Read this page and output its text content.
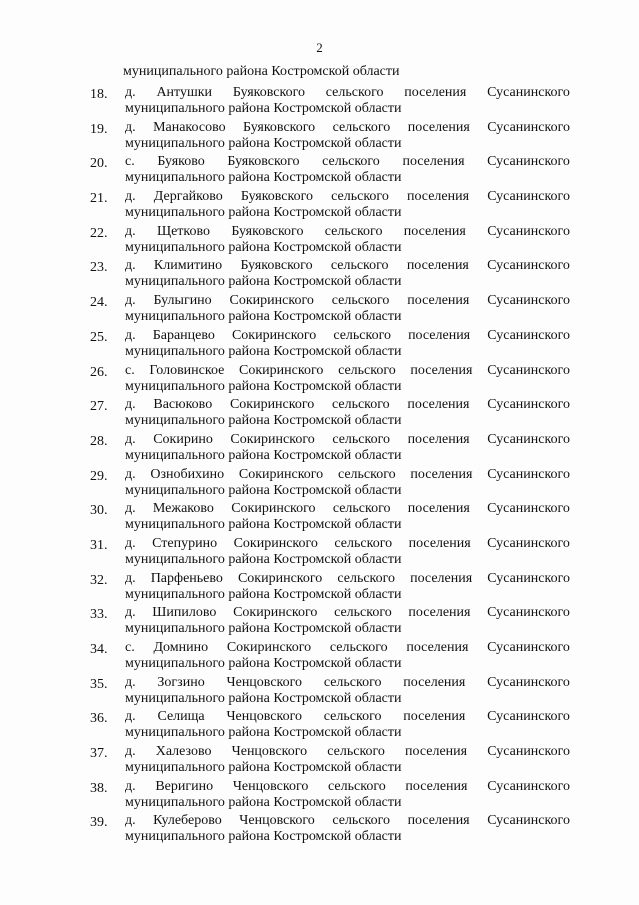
2
муниципального района Костромской области
18. д. Антушки Буяковского сельского поселения Сусанинского
муниципального района Костромской области
19. д. Манакосово Буяковского сельского поселения Сусанинского
муниципального района Костромской области
20. с. Буяково Буяковского сельского поселения Сусанинского
муниципального района Костромской области
21. д. Дергайково Буяковского сельского поселения Сусанинского
муниципального района Костромской области
22. д. Щетково Буяковского сельского поселения Сусанинского
муниципального района Костромской области
23. д. Климитино Буяковского сельского поселения Сусанинского
муниципального района Костромской области
24. д. Булыгино Сокиринского сельского поселения Сусанинского
муниципального района Костромской области
25. д. Баранцево Сокиринского сельского поселения Сусанинского
муниципального района Костромской области
26. с. Головинское Сокиринского сельского поселения Сусанинского
муниципального района Костромской области
27. д. Васюково Сокиринского сельского поселения Сусанинского
муниципального района Костромской области
28. д. Сокирино Сокиринского сельского поселения Сусанинского
муниципального района Костромской области
29. д. Ознобихино Сокиринского сельского поселения Сусанинского
муниципального района Костромской области
30. д. Межаково Сокиринского сельского поселения Сусанинского
муниципального района Костромской области
31. д. Степурино Сокиринского сельского поселения Сусанинского
муниципального района Костромской области
32. д. Парфеньево Сокиринского сельского поселения Сусанинского
муниципального района Костромской области
33. д. Шипилово Сокиринского сельского поселения Сусанинского
муниципального района Костромской области
34. с. Домнино Сокиринского сельского поселения Сусанинского
муниципального района Костромской области
35. д. Зогзино Ченцовского сельского поселения Сусанинского
муниципального района Костромской области
36. д. Селища Ченцовского сельского поселения Сусанинского
муниципального района Костромской области
37. д. Халезово Ченцовского сельского поселения Сусанинского
муниципального района Костромской области
38. д. Веригино Ченцовского сельского поселения Сусанинского
муниципального района Костромской области
39. д. Кулеберово Ченцовского сельского поселения Сусанинского
муниципального района Костромской области
